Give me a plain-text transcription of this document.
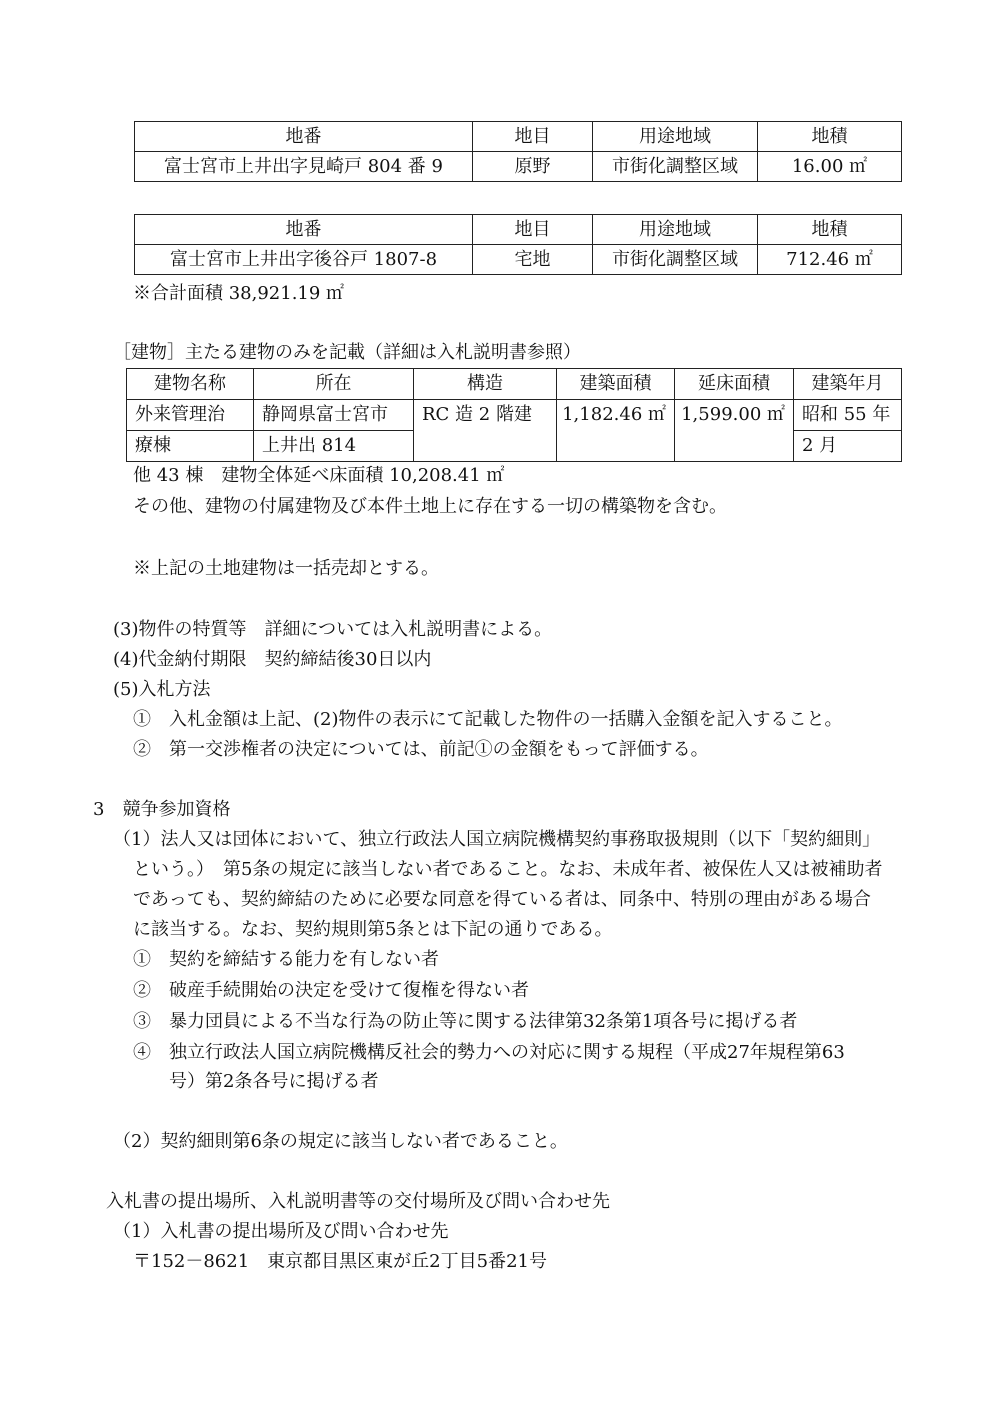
地番	地目	用途地域	地積
富士宮市上井出字見崎戸 804 番 9	原野	市街化調整区域	16.00 ㎡
地番	地目	用途地域	地積
富士宮市上井出字後谷戸 1807-8	宅地	市街化調整区域	712.46 ㎡
※合計面積 38,921.19 ㎡
［建物］主たる建物のみを記載（詳細は入札説明書参照）
建物名称	所在	構造	建築面積	延床面積	建築年月
外来管理治	静岡県富士宮市	RC 造 2 階建	1,182.46 ㎡	1,599.00 ㎡	昭和 55 年
療棟	上井出 814				2 月
他 43 棟　建物全体延べ床面積 10,208.41 ㎡
その他、建物の付属建物及び本件土地上に存在する一切の構築物を含む。
※上記の土地建物は一括売却とする。
(3)物件の特質等　詳細については入札説明書による。
(4)代金納付期限　契約締結後30日以内
(5)入札方法
①　入札金額は上記、(2)物件の表示にて記載した物件の一括購入金額を記入すること。
②　第一交渉権者の決定については、前記①の金額をもって評価する。
3　競争参加資格
（1）法人又は団体において、独立行政法人国立病院機構契約事務取扱規則（以下「契約細則」
という。）　第5条の規定に該当しない者であること。なお、未成年者、被保佐人又は被補助者
であっても、契約締結のために必要な同意を得ている者は、同条中、特別の理由がある場合
に該当する。なお、契約規則第5条とは下記の通りである。
①　契約を締結する能力を有しない者
②　破産手続開始の決定を受けて復権を得ない者
③　暴力団員による不当な行為の防止等に関する法律第32条第1項各号に掲げる者
④　独立行政法人国立病院機構反社会的勢力への対応に関する規程（平成27年規程第63
号）第2条各号に掲げる者
（2）契約細則第6条の規定に該当しない者であること。
入札書の提出場所、入札説明書等の交付場所及び問い合わせ先
（1）入札書の提出場所及び問い合わせ先
〒152－8621　東京都目黒区東が丘2丁目5番21号
